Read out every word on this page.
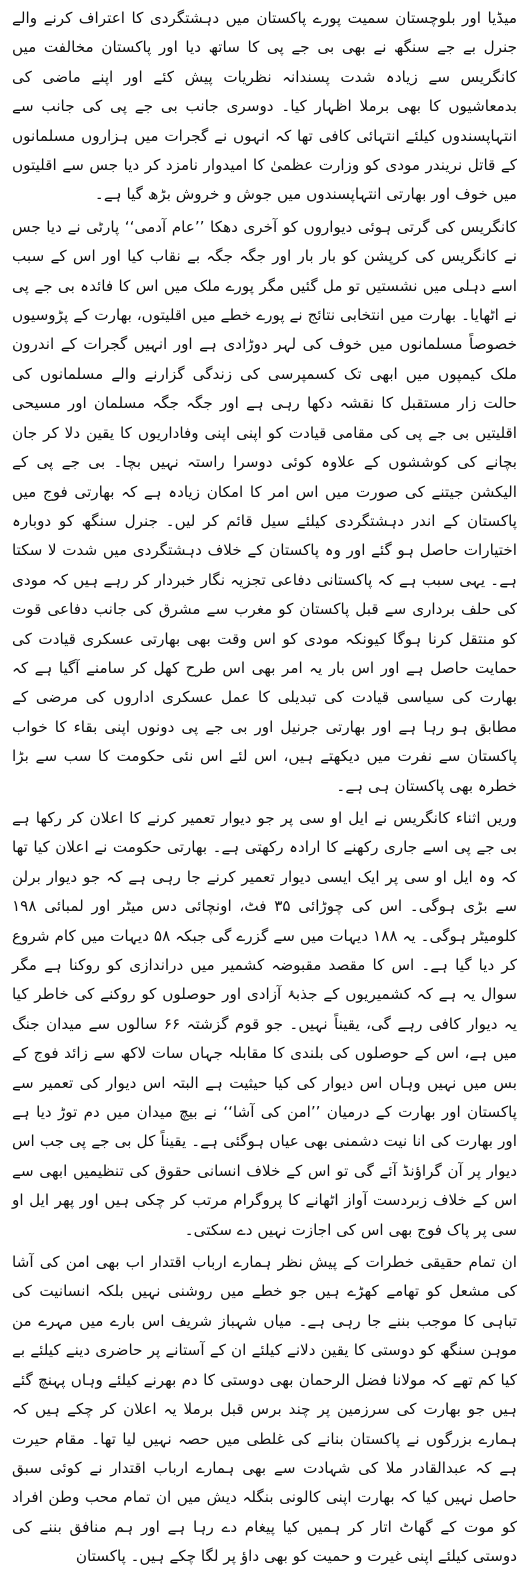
میڈیا اور بلوچستان سمیت پورے پاکستان میں دہشتگردی کا اعتراف کرنے والے جنرل بے جے سنگھ نے بھی بی جے پی کا ساتھ دیا اور پاکستان مخالفت میں کانگریس سے زیادہ شدت پسندانہ نظریات پیش کئے اور اپنے ماضی کی بدمعاشیوں کا بھی برملا اظہار کیا۔ دوسری جانب بی جے پی کی جانب سے انتہاپسندوں کیلئے انتہائی کافی تھا کہ انہوں نے گجرات میں ہزاروں مسلمانوں کے قاتل نریندر مودی کو وزارت عظمیٰ کا امیدوار نامزد کر دیا جس سے اقلیتوں میں خوف اور بھارتی انتہاپسندوں میں جوش و خروش بڑھ گیا ہے۔

کانگریس کی گرتی ہوئی دیواروں کو آخری دھکا ’’عام آدمی‘‘ پارٹی نے دیا جس نے کانگریس کی کرپشن کو بار بار اور جگہ جگہ بے نقاب کیا اور اس کے سبب اسے دہلی میں نشستیں تو مل گئیں مگر پورے ملک میں اس کا فائدہ بی جے پی نے اٹھایا۔ بھارت میں انتخابی نتائج نے پورے خطے میں اقلیتوں، بھارت کے پڑوسیوں خصوصاً مسلمانوں میں خوف کی لہر دوڑادی ہے اور انہیں گجرات کے اندرون ملک کیمپوں میں ابھی تک کسمپرسی کی زندگی گزارنے والے مسلمانوں کی حالت زار مستقبل کا نقشہ دکھا رہی ہے اور جگہ جگہ مسلمان اور مسیحی اقلیتیں بی جے پی کی مقامی قیادت کو اپنی اپنی وفاداریوں کا یقین دلا کر جان بچانے کی کوششوں کے علاوہ کوئی دوسرا راستہ نہیں بچا۔ بی جے پی کے الیکشن جیتنے کی صورت میں اس امر کا امکان زیادہ ہے کہ بھارتی فوج میں پاکستان کے اندر دہشتگردی کیلئے سیل قائم کر لیں۔ جنرل سنگھ کو دوبارہ اختیارات حاصل ہو گئے اور وہ پاکستان کے خلاف دہشتگردی میں شدت لا سکتا ہے۔ یہی سبب ہے کہ پاکستانی دفاعی تجزیہ نگار خبردار کر رہے ہیں کہ مودی کی حلف برداری سے قبل پاکستان کو مغرب سے مشرق کی جانب دفاعی قوت کو منتقل کرنا ہوگا کیونکہ مودی کو اس وقت بھی بھارتی عسکری قیادت کی حمایت حاصل ہے اور اس بار یہ امر بھی اس طرح کھل کر سامنے آگیا ہے کہ بھارت کی سیاسی قیادت کی تبدیلی کا عمل عسکری اداروں کی مرضی کے مطابق ہو رہا ہے اور بھارتی جرنیل اور بی جے پی دونوں اپنی بقاء کا خواب پاکستان سے نفرت میں دیکھتے ہیں، اس لئے اس نئی حکومت کا سب سے بڑا خطرہ بھی پاکستان ہی ہے۔

وریں اثناء کانگریس نے ایل او سی پر جو دیوار تعمیر کرنے کا اعلان کر رکھا ہے بی جے پی اسے جاری رکھنے کا ارادہ رکھتی ہے۔ بھارتی حکومت نے اعلان کیا تھا کہ وہ ایل او سی پر ایک ایسی دیوار تعمیر کرنے جا رہی ہے کہ جو دیوار برلن سے بڑی ہوگی۔ اس کی چوڑائی ۳۵ فٹ، اونچائی دس میٹر اور لمبائی ۱۹۸ کلومیٹر ہوگی۔ یہ ۱۸۸ دیہات میں سے گزرے گی جبکہ ۵۸ دیہات میں کام شروع کر دیا گیا ہے۔ اس کا مقصد مقبوضہ کشمیر میں دراندازی کو روکنا ہے مگر سوال یہ ہے کہ کشمیریوں کے جذبۂ آزادی اور حوصلوں کو روکنے کی خاطر کیا یہ دیوار کافی رہے گی، یقیناً نہیں۔ جو قوم گزشتہ ۶۶ سالوں سے میدان جنگ میں ہے، اس کے حوصلوں کی بلندی کا مقابلہ جہاں سات لاکھ سے زائد فوج کے بس میں نہیں وہاں اس دیوار کی کیا حیثیت ہے البتہ اس دیوار کی تعمیر سے پاکستان اور بھارت کے درمیان ’’امن کی آشا‘‘ نے بیچ میدان میں دم توڑ دیا ہے اور بھارت کی انا نیت دشمنی بھی عیاں ہوگئی ہے۔ یقیناً کل بی جے پی جب اس دیوار پر آن گراؤنڈ آئے گی تو اس کے خلاف انسانی حقوق کی تنظیمیں ابھی سے اس کے خلاف زبردست آواز اٹھانے کا پروگرام مرتب کر چکی ہیں اور پھر ایل او سی پر پاک فوج بھی اس کی اجازت نہیں دے سکتی۔

ان تمام حقیقی خطرات کے پیش نظر ہمارے ارباب اقتدار اب بھی امن کی آشا کی مشعل کو تھامے کھڑے ہیں جو خطے میں روشنی نہیں بلکہ انسانیت کی تباہی کا موجب بننے جا رہی ہے۔ میاں شہباز شریف اس بارے میں مہرے من موہن سنگھ کو دوستی کا یقین دلانے کیلئے ان کے آستانے پر حاضری دینے کیلئے بے کیا کم تھے کہ مولانا فضل الرحمان بھی دوستی کا دم بھرنے کیلئے وہاں پہنچ گئے ہیں جو بھارت کی سرزمین پر چند برس قبل برملا یہ اعلان کر چکے ہیں کہ ہمارے بزرگوں نے پاکستان بنانے کی غلطی میں حصہ نہیں لیا تھا۔ مقام حیرت ہے کہ عبدالقادر ملا کی شہادت سے بھی ہمارے ارباب اقتدار نے کوئی سبق حاصل نہیں کیا کہ بھارت اپنی کالونی بنگلہ دیش میں ان تمام محب وطن افراد کو موت کے گھاٹ اتار کر ہمیں کیا پیغام دے رہا ہے اور ہم منافق بننے کی دوستی کیلئے اپنی غیرت و حمیت کو بھی داؤ پر لگا چکے ہیں۔ پاکستان
